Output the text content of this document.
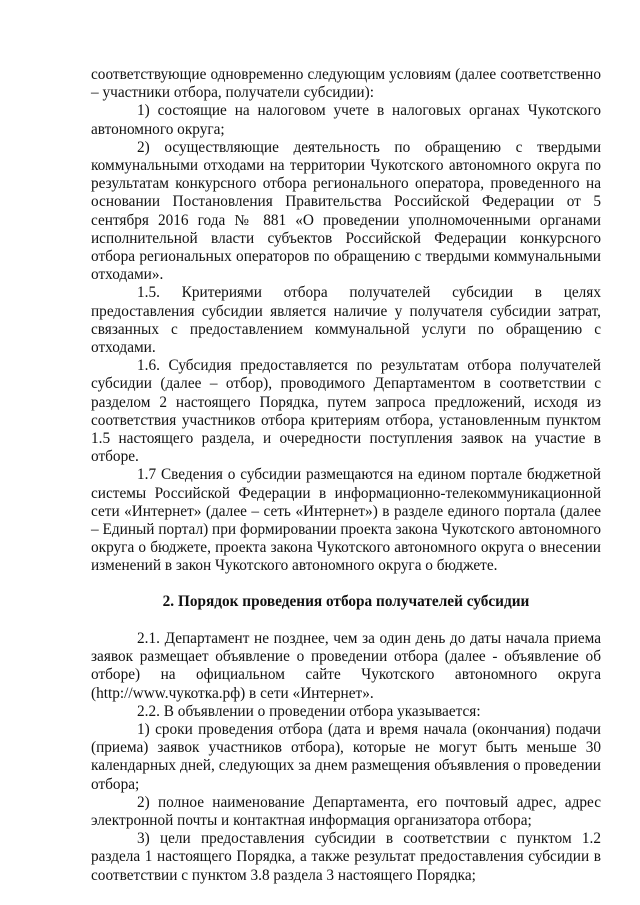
соответствующие одновременно следующим условиям (далее соответственно – участники отбора, получатели субсидии):

1) состоящие на налоговом учете в налоговых органах Чукотского автономного округа;

2) осуществляющие деятельность по обращению с твердыми коммунальными отходами на территории Чукотского автономного округа по результатам конкурсного отбора регионального оператора, проведенного на основании Постановления Правительства Российской Федерации от 5 сентября 2016 года № 881 «О проведении уполномоченными органами исполнительной власти субъектов Российской Федерации конкурсного отбора региональных операторов по обращению с твердыми коммунальными отходами».

1.5. Критериями отбора получателей субсидии в целях предоставления субсидии является наличие у получателя субсидии затрат, связанных с предоставлением коммунальной услуги по обращению с отходами.

1.6. Субсидия предоставляется по результатам отбора получателей субсидии (далее – отбор), проводимого Департаментом в соответствии с разделом 2 настоящего Порядка, путем запроса предложений, исходя из соответствия участников отбора критериям отбора, установленным пунктом 1.5 настоящего раздела, и очередности поступления заявок на участие в отборе.

1.7 Сведения о субсидии размещаются на едином портале бюджетной системы Российской Федерации в информационно-телекоммуникационной сети «Интернет» (далее – сеть «Интернет») в разделе единого портала (далее – Единый портал) при формировании проекта закона Чукотского автономного округа о бюджете, проекта закона Чукотского автономного округа о внесении изменений в закон Чукотского автономного округа о бюджете.

2. Порядок проведения отбора получателей субсидии

2.1. Департамент не позднее, чем за один день до даты начала приема заявок размещает объявление о проведении отбора (далее - объявление об отборе) на официальном сайте Чукотского автономного округа (http://www.чукотка.рф) в сети «Интернет».

2.2. В объявлении о проведении отбора указывается:

1) сроки проведения отбора (дата и время начала (окончания) подачи (приема) заявок участников отбора), которые не могут быть меньше 30 календарных дней, следующих за днем размещения объявления о проведении отбора;

2) полное наименование Департамента, его почтовый адрес, адрес электронной почты и контактная информация организатора отбора;

3) цели предоставления субсидии в соответствии с пунктом 1.2 раздела 1 настоящего Порядка, а также результат предоставления субсидии в соответствии с пунктом 3.8 раздела 3 настоящего Порядка;
